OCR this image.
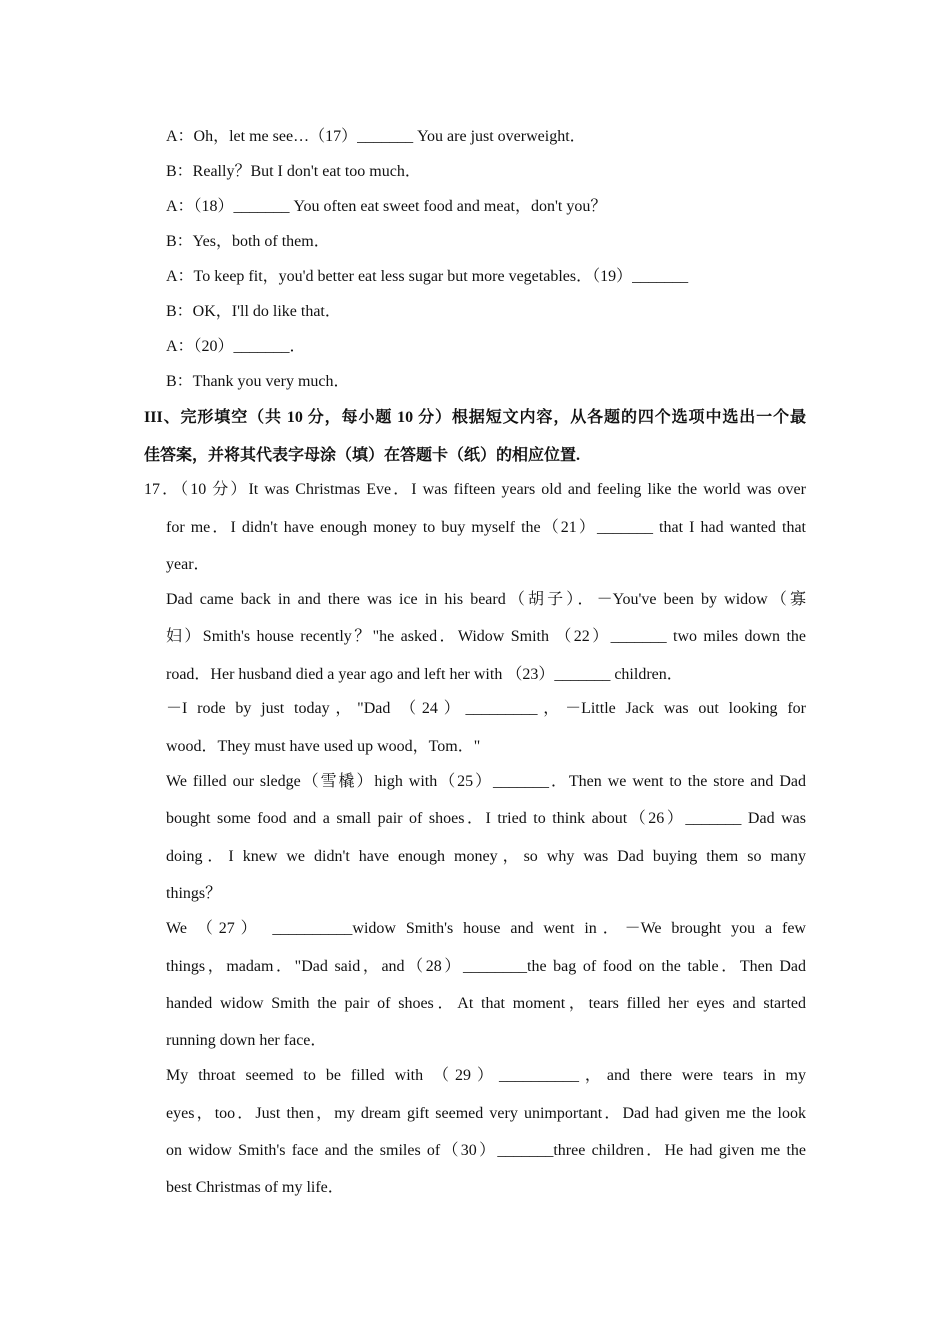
A：Oh，let me see…（17）_______ You are just overweight．
B：Really？But I don't eat too much．
A：（18）_______ You often eat sweet food and meat，don't you？
B：Yes，both of them．
A：To keep fit，you'd better eat less sugar but more vegetables．（19）_______
B：OK，I'll do like that．
A：（20）_______．
B：Thank you very much．
III、完形填空（共 10 分，每小题 10 分）根据短文内容，从各题的四个选项中选出一个最
佳答案，并将其代表字母涂（填）在答题卡（纸）的相应位置.
17．（10 分）It was Christmas Eve．I was fifteen years old and feeling like the world was over
for me．I didn't have enough money to buy myself the（21）_______ that I had wanted that
year．
Dad came back in and there was ice in his beard（胡子）．－You've been by widow（寡
妇）Smith's house recently？"he asked．Widow Smith （22）_______ two miles down the
road．Her husband died a year ago and left her with （23）_______ children．
－I rode by just today，"Dad （24）_________，－Little Jack was out looking for
wood．They must have used up wood，Tom．"
We filled our sledge（雪橇）high with（25）_______．Then we went to the store and Dad
bought some food and a small pair of shoes．I tried to think about（26）_______ Dad was
doing．I knew we didn't have enough money，so why was Dad buying them so many
things？
We （27） __________widow Smith's house and went in．－We brought you a few
things，madam．"Dad said，and（28）________the bag of food on the table．Then Dad
handed widow Smith the pair of shoes．At that moment，tears filled her eyes and started
running down her face．
My throat seemed to be filled with （29）__________，and there were tears in my
eyes，too．Just then，my dream gift seemed very unimportant．Dad had given me the look
on widow Smith's face and the smiles of（30）_______three children．He had given me the
best Christmas of my life．
